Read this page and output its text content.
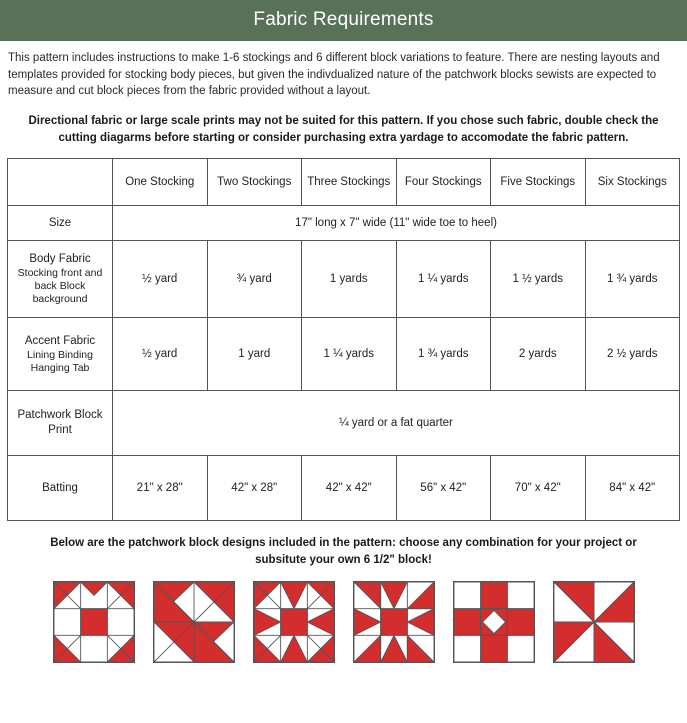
Fabric Requirements
This pattern includes instructions to make 1-6 stockings and 6 different block variations to feature. There are nesting layouts and templates provided for stocking body pieces, but given the indivdualized nature of the patchwork blocks sewists are expected to measure and cut block pieces from the fabric provided without a layout.
Directional fabric or large scale prints may not be suited for this pattern. If you chose such fabric, double check the cutting diagarms before starting or consider purchasing extra yardage to accomodate the fabric pattern.
	One Stocking	Two Stockings	Three Stockings	Four Stockings	Five Stockings	Six Stockings
Size	17" long x 7" wide (11" wide toe to heel)					
Body Fabric
Stocking front and back Block background	½ yard	¾ yard	1 yards	1 ¼ yards	1 ½ yards	1 ¾ yards
Accent Fabric
Lining Binding Hanging Tab	½ yard	1 yard	1 ¼ yards	1 ¾ yards	2 yards	2 ½ yards
Patchwork Block Print	¼ yard or a fat quarter					
Batting	21" x 28"	42" x 28"	42" x 42"	56" x 42"	70" x 42"	84" x 42"
Below are the patchwork block designs included in the pattern: choose any combination for your project or subsitute your own 6 1/2" block!
